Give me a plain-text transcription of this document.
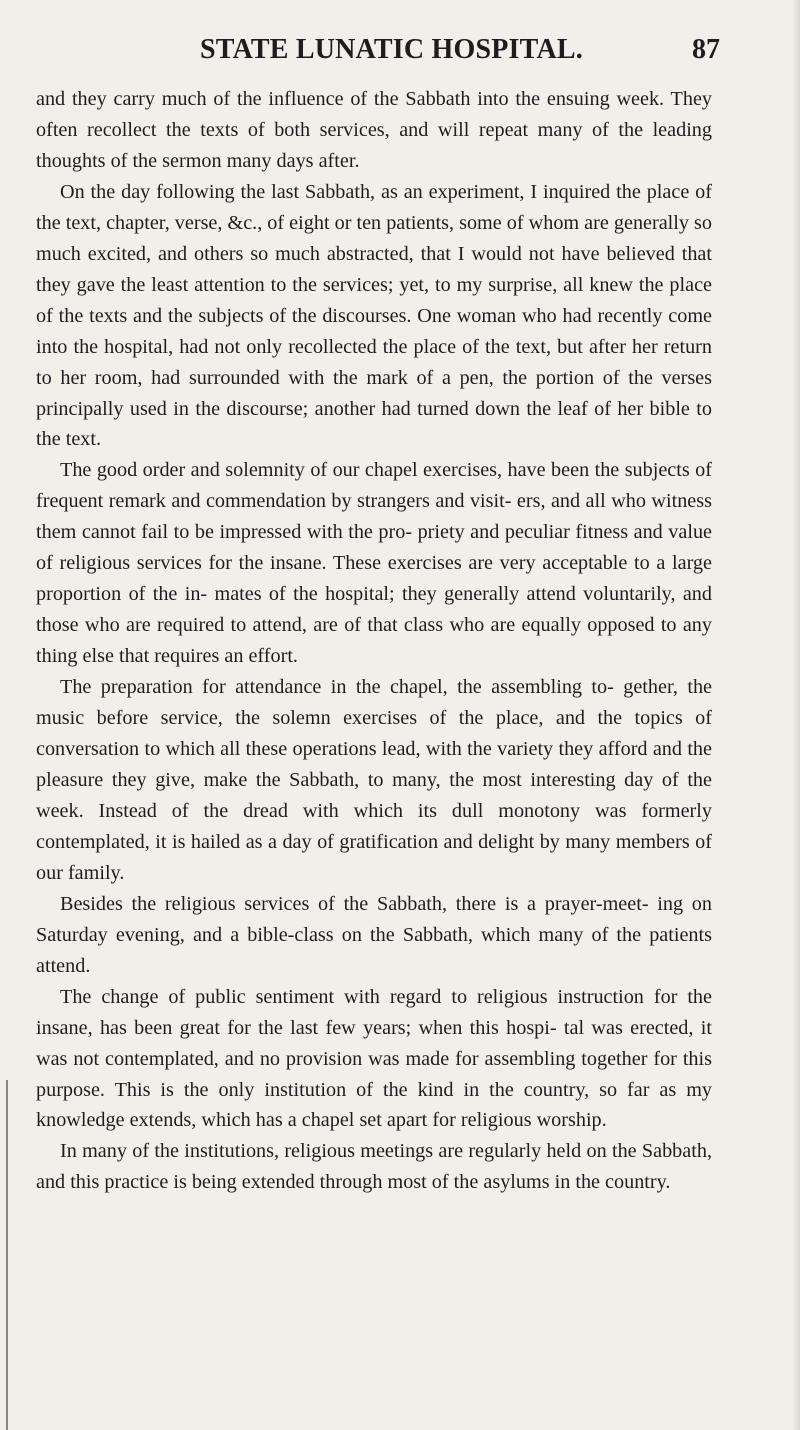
STATE LUNATIC HOSPITAL.	87

and they carry much of the influence of the Sabbath into the ensuing week. They often recollect the texts of both services, and will repeat many of the leading thoughts of the sermon many days after.

On the day following the last Sabbath, as an experiment, I inquired the place of the text, chapter, verse, &c., of eight or ten patients, some of whom are generally so much excited, and others so much abstracted, that I would not have believed that they gave the least attention to the services; yet, to my surprise, all knew the place of the texts and the subjects of the discourses. One woman who had recently come into the hospital, had not only recollected the place of the text, but after her return to her room, had surrounded with the mark of a pen, the portion of the verses principally used in the discourse; another had turned down the leaf of her bible to the text.

The good order and solemnity of our chapel exercises, have been the subjects of frequent remark and commendation by strangers and visit- ers, and all who witness them cannot fail to be impressed with the pro- priety and peculiar fitness and value of religious services for the insane. These exercises are very acceptable to a large proportion of the in- mates of the hospital; they generally attend voluntarily, and those who are required to attend, are of that class who are equally opposed to any thing else that requires an effort.

The preparation for attendance in the chapel, the assembling to- gether, the music before service, the solemn exercises of the place, and the topics of conversation to which all these operations lead, with the variety they afford and the pleasure they give, make the Sabbath, to many, the most interesting day of the week. Instead of the dread with which its dull monotony was formerly contemplated, it is hailed as a day of gratification and delight by many members of our family.

Besides the religious services of the Sabbath, there is a prayer-meet- ing on Saturday evening, and a bible-class on the Sabbath, which many of the patients attend.

The change of public sentiment with regard to religious instruction for the insane, has been great for the last few years; when this hospi- tal was erected, it was not contemplated, and no provision was made for assembling together for this purpose. This is the only institution of the kind in the country, so far as my knowledge extends, which has a chapel set apart for religious worship.

In many of the institutions, religious meetings are regularly held on the Sabbath, and this practice is being extended through most of the asylums in the country.
